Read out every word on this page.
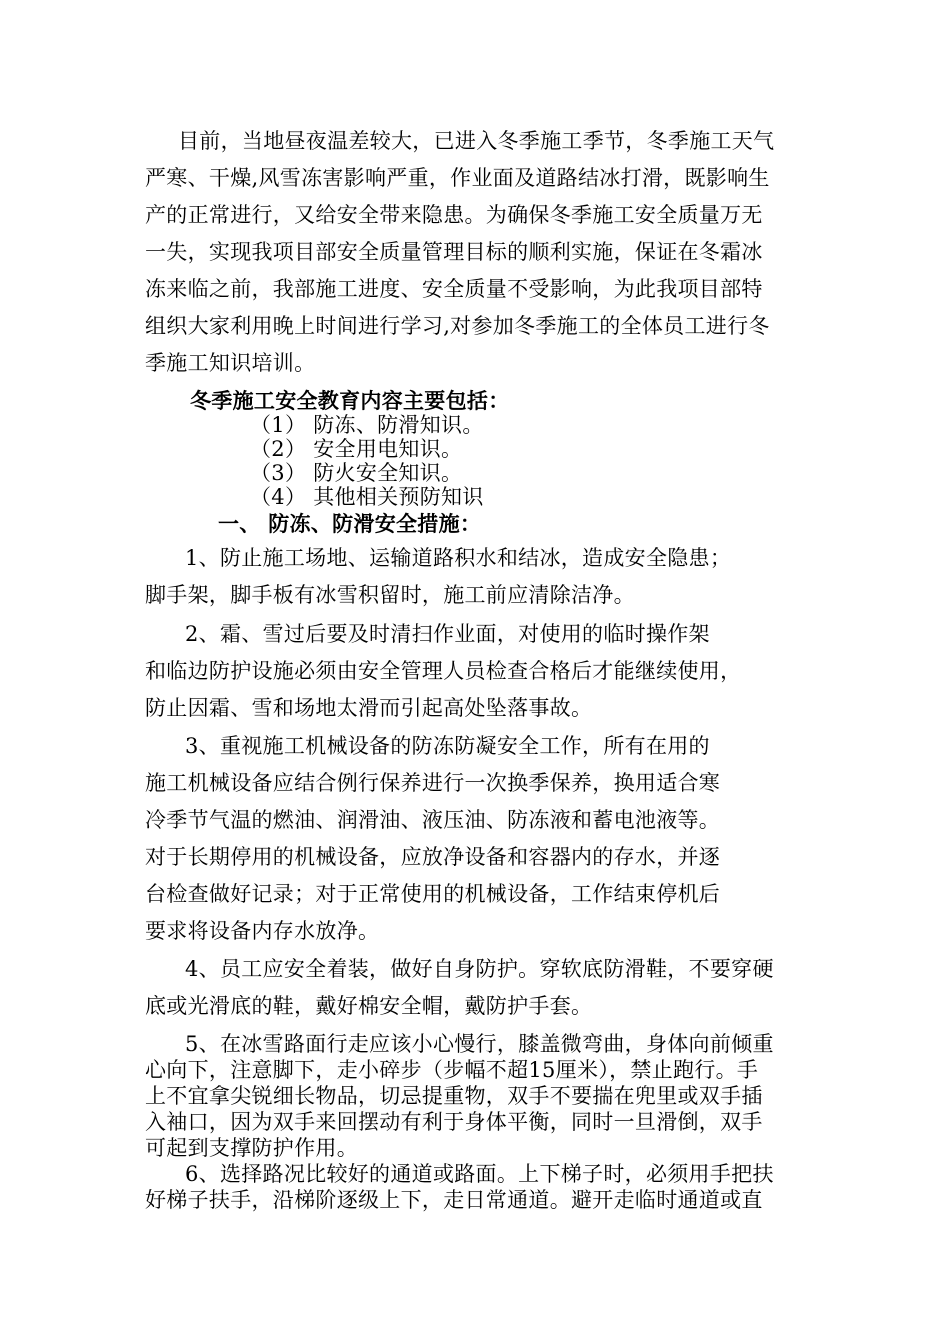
目前，当地昼夜温差较大，已进入冬季施工季节，冬季施工天气
严寒、干燥,风雪冻害影响严重，作业面及道路结冰打滑，既影响生
产的正常进行，又给安全带来隐患。为确保冬季施工安全质量万无
一失，实现我项目部安全质量管理目标的顺利实施，保证在冬霜冰
冻来临之前，我部施工进度、安全质量不受影响，为此我项目部特
组织大家利用晚上时间进行学习,对参加冬季施工的全体员工进行冬
季施工知识培训。
冬季施工安全教育内容主要包括：
（1） 防冻、防滑知识。
（2） 安全用电知识。
（3） 防火安全知识。
（4） 其他相关预防知识
一、 防冻、防滑安全措施：
1、防止施工场地、运输道路积水和结冰，造成安全隐患；
脚手架，脚手板有冰雪积留时，施工前应清除洁净。
2、霜、雪过后要及时清扫作业面，对使用的临时操作架
和临边防护设施必须由安全管理人员检查合格后才能继续使用，
防止因霜、雪和场地太滑而引起高处坠落事故。
3、重视施工机械设备的防冻防凝安全工作，所有在用的
施工机械设备应结合例行保养进行一次换季保养，换用适合寒
冷季节气温的燃油、润滑油、液压油、防冻液和蓄电池液等。
对于长期停用的机械设备，应放净设备和容器内的存水，并逐
台检查做好记录；对于正常使用的机械设备，工作结束停机后
要求将设备内存水放净。
4、员工应安全着装，做好自身防护。穿软底防滑鞋，不要穿硬
底或光滑底的鞋，戴好棉安全帽，戴防护手套。
5、在冰雪路面行走应该小心慢行，膝盖微弯曲，身体向前倾重
心向下，注意脚下，走小碎步（步幅不超15厘米），禁止跑行。手
上不宜拿尖锐细长物品，切忌提重物，双手不要揣在兜里或双手插
入袖口，因为双手来回摆动有利于身体平衡，同时一旦滑倒，双手
可起到支撑防护作用。
6、选择路况比较好的通道或路面。上下梯子时，必须用手把扶
好梯子扶手，沿梯阶逐级上下，走日常通道。避开走临时通道或直
